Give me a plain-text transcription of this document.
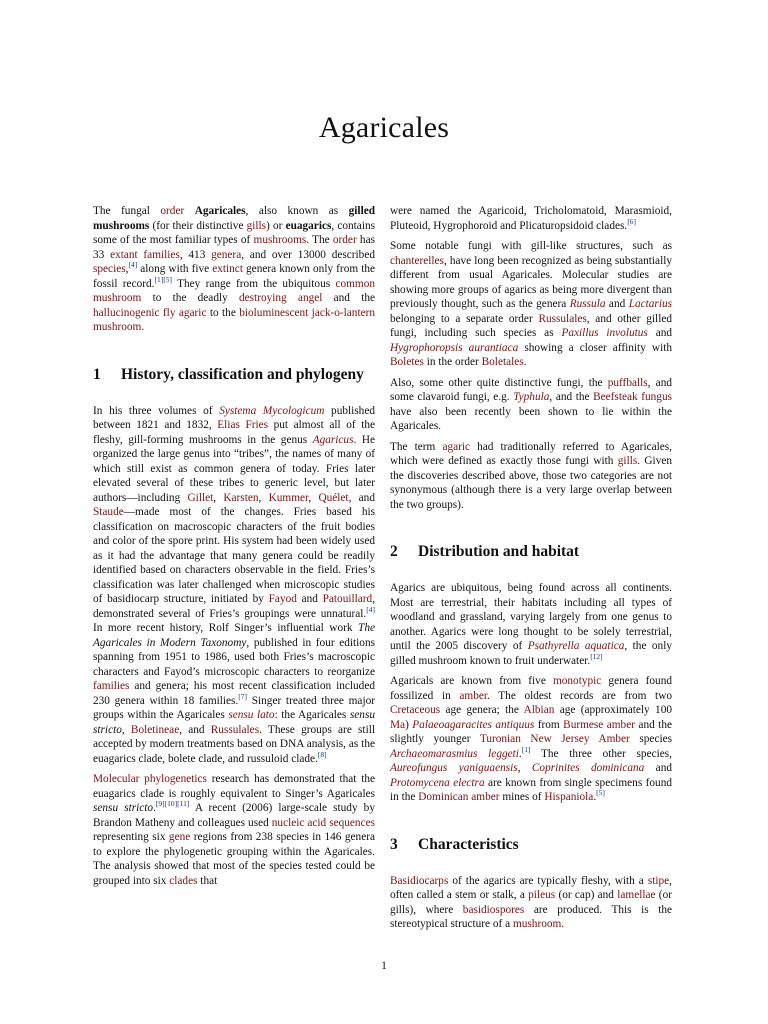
Agaricales

The fungal order Agaricales, also known as gilled mushrooms (for their distinctive gills) or euagarics, contains some of the most familiar types of mushrooms. The order has 33 extant families, 413 genera, and over 13000 described species,[4] along with five extinct genera known only from the fossil record.[1][5] They range from the ubiquitous common mushroom to the deadly destroying angel and the hallucinogenic fly agaric to the bioluminescent jack-o-lantern mushroom.

1	History, classification and phylogeny

In his three volumes of Systema Mycologicum published between 1821 and 1832, Elias Fries put almost all of the fleshy, gill-forming mushrooms in the genus Agaricus. He organized the large genus into “tribes”, the names of many of which still exist as common genera of today. Fries later elevated several of these tribes to generic level, but later authors—including Gillet, Karsten, Kummer, Quélet, and Staude—made most of the changes. Fries based his classification on macroscopic characters of the fruit bodies and color of the spore print. His system had been widely used as it had the advantage that many genera could be readily identified based on characters observable in the field. Fries’s classification was later challenged when microscopic studies of basidiocarp structure, initiated by Fayod and Patouillard, demonstrated several of Fries’s groupings were unnatural.[4] In more recent history, Rolf Singer’s influential work The Agaricales in Modern Taxonomy, published in four editions spanning from 1951 to 1986, used both Fries’s macroscopic characters and Fayod’s microscopic characters to reorganize families and genera; his most recent classification included 230 genera within 18 families.[7] Singer treated three major groups within the Agaricales sensu lato: the Agaricales sensu stricto, Boletineae, and Russulales. These groups are still accepted by modern treatments based on DNA analysis, as the euagarics clade, bolete clade, and russuloid clade.[8]

Molecular phylogenetics research has demonstrated that the euagarics clade is roughly equivalent to Singer’s Agaricales sensu stricto.[9][10][11] A recent (2006) large-scale study by Brandon Matheny and colleagues used nucleic acid sequences representing six gene regions from 238 species in 146 genera to explore the phylogenetic grouping within the Agaricales. The analysis showed that most of the species tested could be grouped into six clades that

were named the Agaricoid, Tricholomatoid, Marasmioid, Pluteoid, Hygrophoroid and Plicaturopsidoid clades.[6]

Some notable fungi with gill-like structures, such as chanterelles, have long been recognized as being substantially different from usual Agaricales. Molecular studies are showing more groups of agarics as being more divergent than previously thought, such as the genera Russula and Lactarius belonging to a separate order Russulales, and other gilled fungi, including such species as Paxillus involutus and Hygrophoropsis aurantiaca showing a closer affinity with Boletes in the order Boletales.

Also, some other quite distinctive fungi, the puffballs, and some clavaroid fungi, e.g. Typhula, and the Beefsteak fungus have also been recently been shown to lie within the Agaricales.

The term agaric had traditionally referred to Agaricales, which were defined as exactly those fungi with gills. Given the discoveries described above, those two categories are not synonymous (although there is a very large overlap between the two groups).

2	Distribution and habitat

Agarics are ubiquitous, being found across all continents. Most are terrestrial, their habitats including all types of woodland and grassland, varying largely from one genus to another. Agarics were long thought to be solely terrestrial, until the 2005 discovery of Psathyrella aquatica, the only gilled mushroom known to fruit underwater.[12]

Agaricals are known from five monotypic genera found fossilized in amber. The oldest records are from two Cretaceous age genera; the Albian age (approximately 100 Ma) Palaeoagaracites antiquus from Burmese amber and the slightly younger Turonian New Jersey Amber species Archaeomarasmius leggeti.[1] The three other species, Aureofungus yaniguaensis, Coprinites dominicana and Protomycena electra are known from single specimens found in the Dominican amber mines of Hispaniola.[5]

3	Characteristics

Basidiocarps of the agarics are typically fleshy, with a stipe, often called a stem or stalk, a pileus (or cap) and lamellae (or gills), where basidiospores are produced. This is the stereotypical structure of a mushroom.

1
